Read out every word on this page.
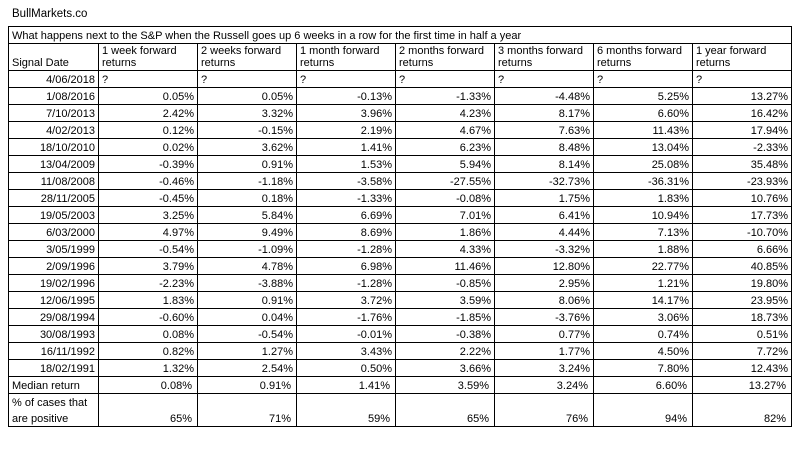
BullMarkets.co
What happens next to the S&P when the Russell goes up 6 weeks in a row for the first time in half a year							
Signal Date	1 week forward returns	2 weeks forward returns	1 month forward returns	2 months forward returns	3 months forward returns	6 months forward returns	1 year forward returns
4/06/2018	?	?	?	?	?	?	?
1/08/2016	0.05%	0.05%	-0.13%	-1.33%	-4.48%	5.25%	13.27%
7/10/2013	2.42%	3.32%	3.96%	4.23%	8.17%	6.60%	16.42%
4/02/2013	0.12%	-0.15%	2.19%	4.67%	7.63%	11.43%	17.94%
18/10/2010	0.02%	3.62%	1.41%	6.23%	8.48%	13.04%	-2.33%
13/04/2009	-0.39%	0.91%	1.53%	5.94%	8.14%	25.08%	35.48%
11/08/2008	-0.46%	-1.18%	-3.58%	-27.55%	-32.73%	-36.31%	-23.93%
28/11/2005	-0.45%	0.18%	-1.33%	-0.08%	1.75%	1.83%	10.76%
19/05/2003	3.25%	5.84%	6.69%	7.01%	6.41%	10.94%	17.73%
6/03/2000	4.97%	9.49%	8.69%	1.86%	4.44%	7.13%	-10.70%
3/05/1999	-0.54%	-1.09%	-1.28%	4.33%	-3.32%	1.88%	6.66%
2/09/1996	3.79%	4.78%	6.98%	11.46%	12.80%	22.77%	40.85%
19/02/1996	-2.23%	-3.88%	-1.28%	-0.85%	2.95%	1.21%	19.80%
12/06/1995	1.83%	0.91%	3.72%	3.59%	8.06%	14.17%	23.95%
29/08/1994	-0.60%	0.04%	-1.76%	-1.85%	-3.76%	3.06%	18.73%
30/08/1993	0.08%	-0.54%	-0.01%	-0.38%	0.77%	0.74%	0.51%
16/11/1992	0.82%	1.27%	3.43%	2.22%	1.77%	4.50%	7.72%
18/02/1991	1.32%	2.54%	0.50%	3.66%	3.24%	7.80%	12.43%
Median return	0.08%	0.91%	1.41%	3.59%	3.24%	6.60%	13.27%
% of cases that							
are positive	65%	71%	59%	65%	76%	94%	82%
